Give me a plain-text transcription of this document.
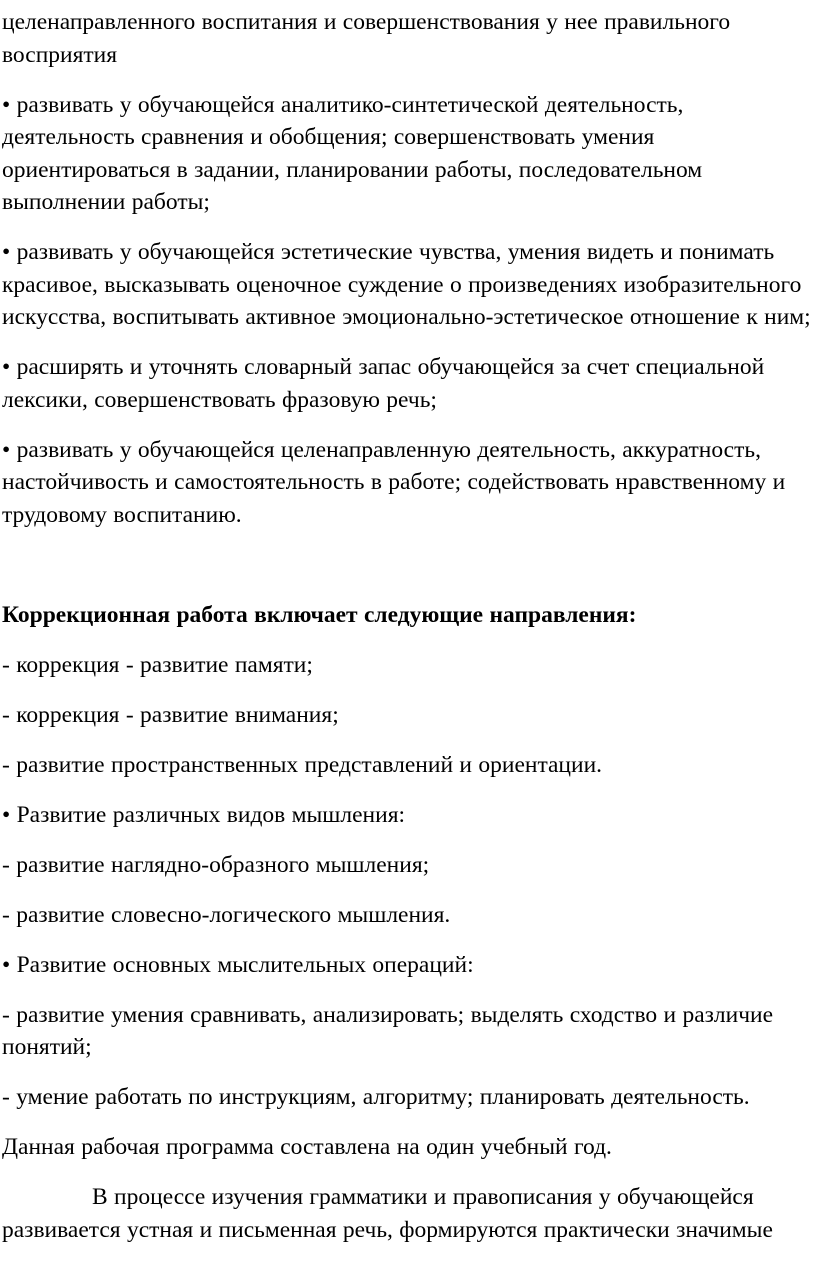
целенаправленного воспитания и совершенствования у нее правильного восприятия
• развивать у обучающейся аналитико-синтетической деятельность, деятельность сравнения и обобщения; совершенствовать умения ориентироваться в задании, планировании работы, последовательном выполнении работы;
• развивать у обучающейся эстетические чувства, умения видеть и понимать красивое, высказывать оценочное суждение о произведениях изобразительного искусства, воспитывать активное эмоционально-эстетическое отношение к ним;
• расширять и уточнять словарный запас обучающейся за счет специальной лексики, совершенствовать фразовую речь;
• развивать у обучающейся целенаправленную деятельность, аккуратность, настойчивость и самостоятельность в работе; содействовать нравственному и трудовому воспитанию.
Коррекционная работа включает следующие направления:
- коррекция - развитие памяти;
- коррекция - развитие внимания;
- развитие пространственных представлений и ориентации.
• Развитие различных видов мышления:
- развитие наглядно-образного мышления;
- развитие словесно-логического мышления.
• Развитие основных мыслительных операций:
- развитие умения сравнивать, анализировать; выделять сходство и различие понятий;
- умение работать по инструкциям, алгоритму; планировать деятельность.
Данная рабочая программа составлена на один учебный год.
В процессе изучения грамматики и правописания у обучающейся развивается устная и письменная речь, формируются практически значимые
